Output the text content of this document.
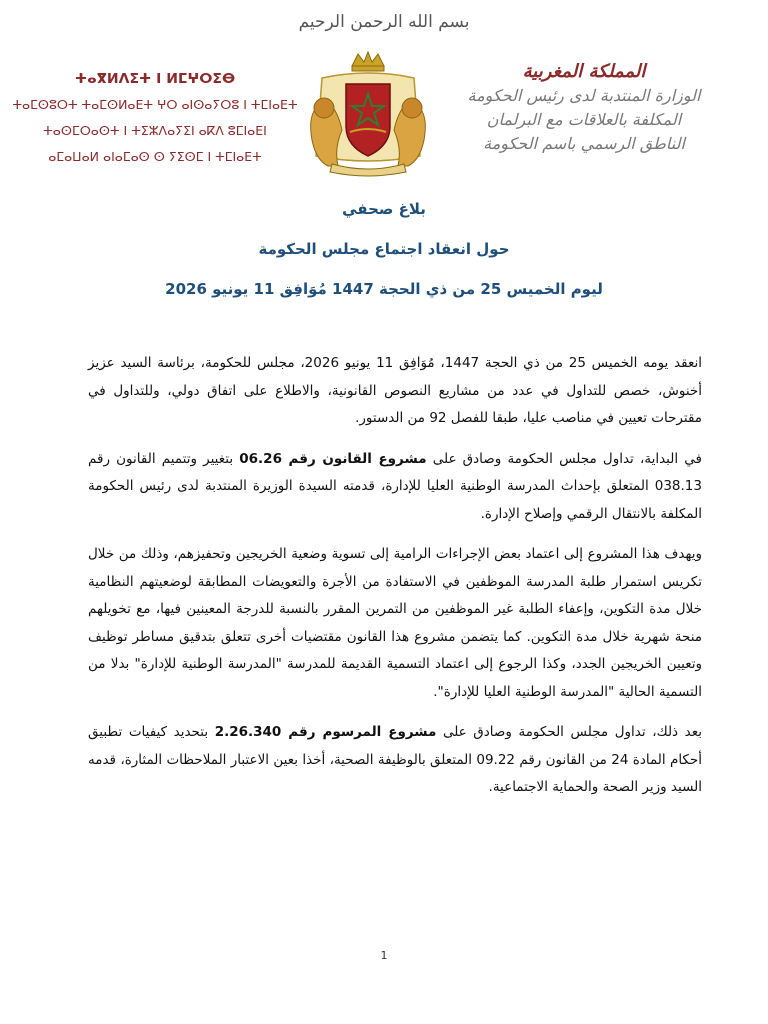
بسم الله الرحمن الرحيم
ⵜⴰⴳⵍⴷⵉⵜ ⵏ ⵍⵎⵖⵔⵉⴱ
ⵜⴰⵎⵙⵓⵔⵜ ⵜⴰⵎⵙⵍⴰⴹⵜ ⵖⵔ ⴰⵏⵙⴰⵢⵔⵓ ⵏ ⵜⵎⵏⴰⴹⵜ
ⵜⴰⵙⵎⵔⴰⵙⵜ ⵏ ⵜⵉⵣⴷⴰⵢⵉⵏ ⴰⴽⴷ ⵓⵎⵏⴰⴹⵏ
ⴰⵎⴰⵡⴰⵍ ⴰⵏⴰⵎⴰⵙ ⵙ ⵢⵉⵙⵎ ⵏ ⵜⵎⵏⴰⴹⵜ
المملكة المغربية
الوزارة المنتدبة لدى رئيس الحكومة
المكلفة بالعلاقات مع البرلمان
الناطق الرسمي باسم الحكومة

بلاغ صحفي

حول انعقاد اجتماع مجلس الحكومة

ليوم الخميس 25 من ذي الحجة 1447 مُوَافِق 11 يونيو 2026

انعقد يومه الخميس 25 من ذي الحجة 1447، مُوَافِق 11 يونيو 2026، مجلس للحكومة، برئاسة السيد عزيز أخنوش، خصص للتداول في عدد من مشاريع النصوص القانونية، والاطلاع على اتفاق دولي، وللتداول في مقترحات تعيين في مناصب عليا، طبقا للفصل 92 من الدستور.

في البداية، تداول مجلس الحكومة وصادق على مشروع القانون رقم 06.26 بتغيير وتتميم القانون رقم 038.13 المتعلق بإحداث المدرسة الوطنية العليا للإدارة، قدمته السيدة الوزيرة المنتدبة لدى رئيس الحكومة المكلفة بالانتقال الرقمي وإصلاح الإدارة.

ويهدف هذا المشروع إلى اعتماد بعض الإجراءات الرامية إلى تسوية وضعية الخريجين وتحفيزهم، وذلك من خلال تكريس استمرار طلبة المدرسة الموظفين في الاستفادة من الأجرة والتعويضات المطابقة لوضعيتهم النظامية خلال مدة التكوين، وإعفاء الطلبة غير الموظفين من التمرين المقرر بالنسبة للدرجة المعينين فيها، مع تخويلهم منحة شهرية خلال مدة التكوين. كما يتضمن مشروع هذا القانون مقتضيات أخرى تتعلق بتدقيق مساطر توظيف وتعيين الخريجين الجدد، وكذا الرجوع إلى اعتماد التسمية القديمة للمدرسة "المدرسة الوطنية للإدارة" بدلا من التسمية الحالية "المدرسة الوطنية العليا للإدارة".

بعد ذلك، تداول مجلس الحكومة وصادق على مشروع المرسوم رقم 2.26.340 بتحديد كيفيات تطبيق أحكام المادة 24 من القانون رقم 09.22 المتعلق بالوظيفة الصحية، أخذا بعين الاعتبار الملاحظات المثارة، قدمه السيد وزير الصحة والحماية الاجتماعية.

1
